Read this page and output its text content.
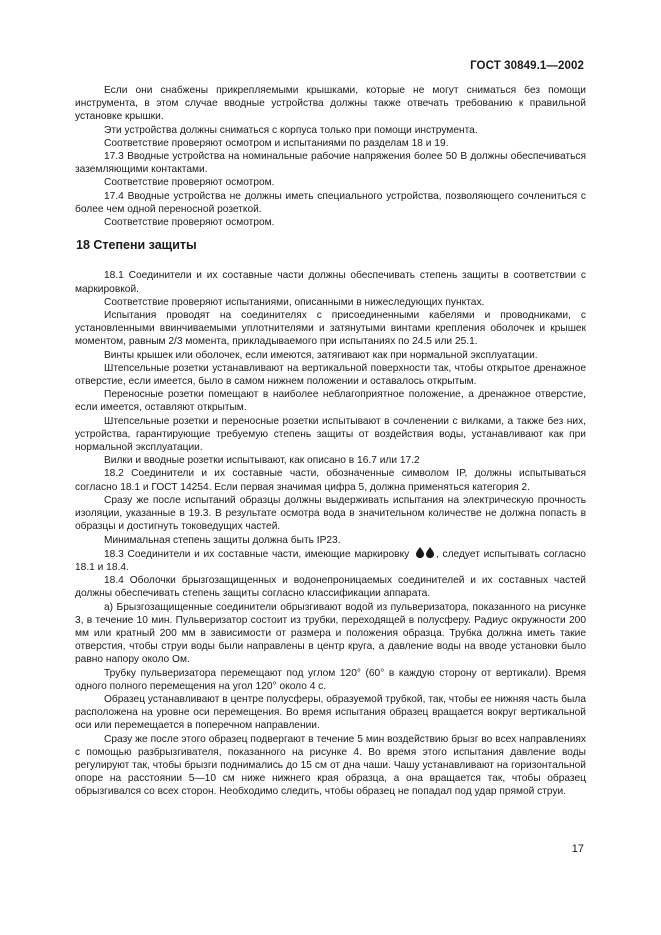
ГОСТ 30849.1—2002

Если они снабжены прикрепляемыми крышками, которые не могут сниматься без помощи инструмента, в этом случае вводные устройства должны также отвечать требованию к правильной установке крышки.

Эти устройства должны сниматься с корпуса только при помощи инструмента.

Соответствие проверяют осмотром и испытаниями по разделам 18 и 19.

17.3 Вводные устройства на номинальные рабочие напряжения более 50 В должны обеспечиваться заземляющими контактами.

Соответствие проверяют осмотром.

17.4 Вводные устройства не должны иметь специального устройства, позволяющего сочлениться с более чем одной переносной розеткой.

Соответствие проверяют осмотром.

18 Степени защиты

18.1 Соединители и их составные части должны обеспечивать степень защиты в соответствии с маркировкой.

Соответствие проверяют испытаниями, описанными в нижеследующих пунктах.

Испытания проводят на соединителях с присоединенными кабелями и проводниками, с установленными ввинчиваемыми уплотнителями и затянутыми винтами крепления оболочек и крышек моментом, равным 2/3 момента, прикладываемого при испытаниях по 24.5 или 25.1.

Винты крышек или оболочек, если имеются, затягивают как при нормальной эксплуатации.

Штепсельные розетки устанавливают на вертикальной поверхности так, чтобы открытое дренажное отверстие, если имеется, было в самом нижнем положении и оставалось открытым.

Переносные розетки помещают в наиболее неблагоприятное положение, а дренажное отверстие, если имеется, оставляют открытым.

Штепсельные розетки и переносные розетки испытывают в сочленении с вилками, а также без них, устройства, гарантирующие требуемую степень защиты от воздействия воды, устанавливают как при нормальной эксплуатации.

Вилки и вводные розетки испытывают, как описано в 16.7 или 17.2

18.2 Соединители и их составные части, обозначенные символом IP, должны испытываться согласно 18.1 и ГОСТ 14254. Если первая значимая цифра 5, должна применяться категория 2.

Сразу же после испытаний образцы должны выдерживать испытания на электрическую прочность изоляции, указанные в 19.3. В результате осмотра вода в значительном количестве не должна попасть в образцы и достигнуть токоведущих частей.

Минимальная степень защиты должна быть IP23.

18.3 Соединители и их составные части, имеющие маркировку	, следует испытывать согласно 18.1 и 18.4.

18.4 Оболочки брызгозащищенных и водонепроницаемых соединителей и их составных частей должны обеспечивать степень защиты согласно классификации аппарата.

а) Брызгозащищенные соединители обрызгивают водой из пульверизатора, показанного на рисунке 3, в течение 10 мин. Пульверизатор состоит из трубки, переходящей в полусферу. Радиус окружности 200 мм или кратный 200 мм в зависимости от размера и положения образца. Трубка должна иметь такие отверстия, чтобы струи воды были направлены в центр круга, а давление воды на вводе установки было равно напору около Ом.

Трубку пульверизатора перемещают под углом 120° (60° в каждую сторону от вертикали). Время одного полного перемещения на угол 120° около 4 с.

Образец устанавливают в центре полусферы, образуемой трубкой, так, чтобы ее нижняя часть была расположена на уровне оси перемещения. Во время испытания образец вращается вокруг вертикальной оси или перемещается в поперечном направлении.

Сразу же после этого образец подвергают в течение 5 мин воздействию брызг во всех направлениях с помощью разбрызгивателя, показанного на рисунке 4. Во время этого испытания давление воды регулируют так, чтобы брызги поднимались до 15 см от дна чаши. Чашу устанавливают на горизонтальной опоре на расстоянии 5—10 см ниже нижнего края образца, а она вращается так, чтобы образец обрызгивался со всех сторон. Необходимо следить, чтобы образец не попадал под удар прямой струи.

17
